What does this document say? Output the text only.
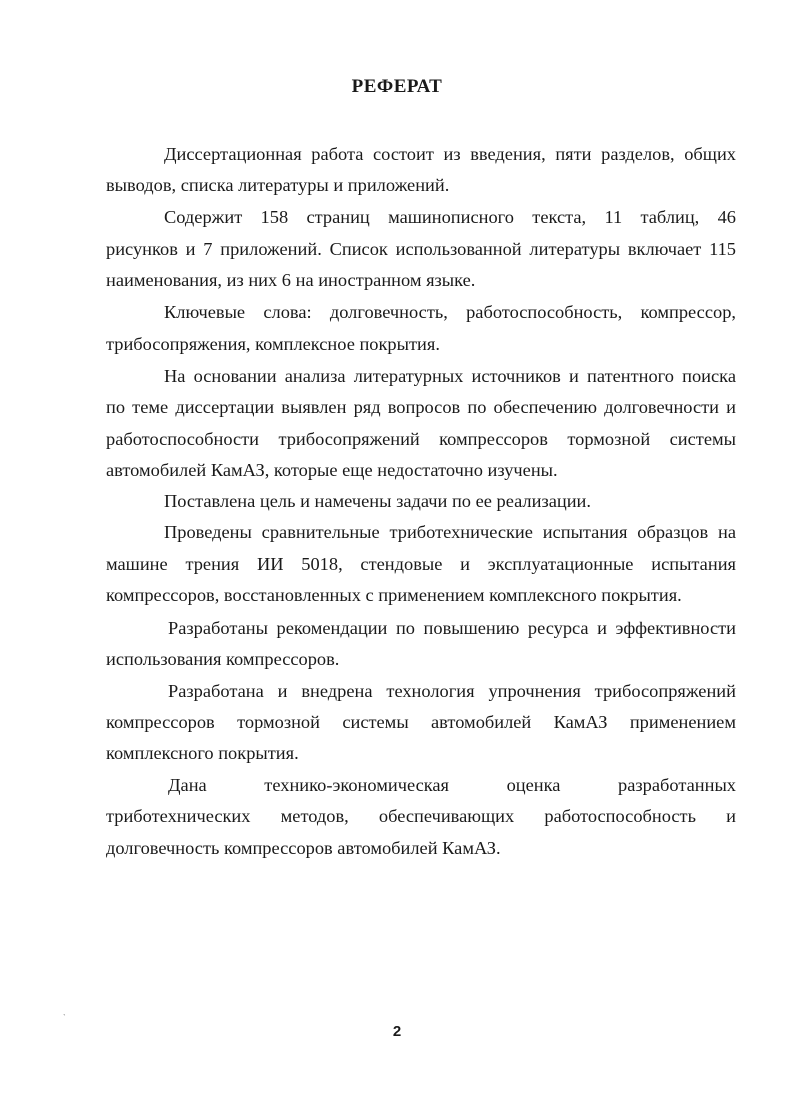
РЕФЕРАТ
Диссертационная работа состоит из введения, пяти разделов, общих
выводов, списка литературы и приложений.
Содержит 158 страниц машинописного текста, 11 таблиц, 46
рисунков и 7 приложений. Список использованной литературы включает 115
наименования, из них 6 на иностранном языке.
Ключевые слова: долговечность, работоспособность, компрессор,
трибосопряжения, комплексное покрытия.
На основании анализа литературных источников и патентного поиска
по теме диссертации выявлен ряд вопросов по обеспечению долговечности и
работоспособности трибосопряжений компрессоров тормозной системы
автомобилей КамАЗ, которые еще недостаточно изучены.
Поставлена цель и намечены задачи по ее реализации.
Проведены сравнительные триботехнические испытания образцов на
машине трения ИИ 5018, стендовые и эксплуатационные испытания
компрессоров, восстановленных с применением комплексного покрытия.
Разработаны рекомендации по повышению ресурса и эффективности
использования компрессоров.
Разработана и внедрена технология упрочнения трибосопряжений
компрессоров тормозной системы автомобилей КамАЗ применением
комплексного покрытия.
Дана технико-экономическая оценка разработанных
триботехнических методов, обеспечивающих работоспособность и
долговечность компрессоров автомобилей КамАЗ.
ˋ
2
